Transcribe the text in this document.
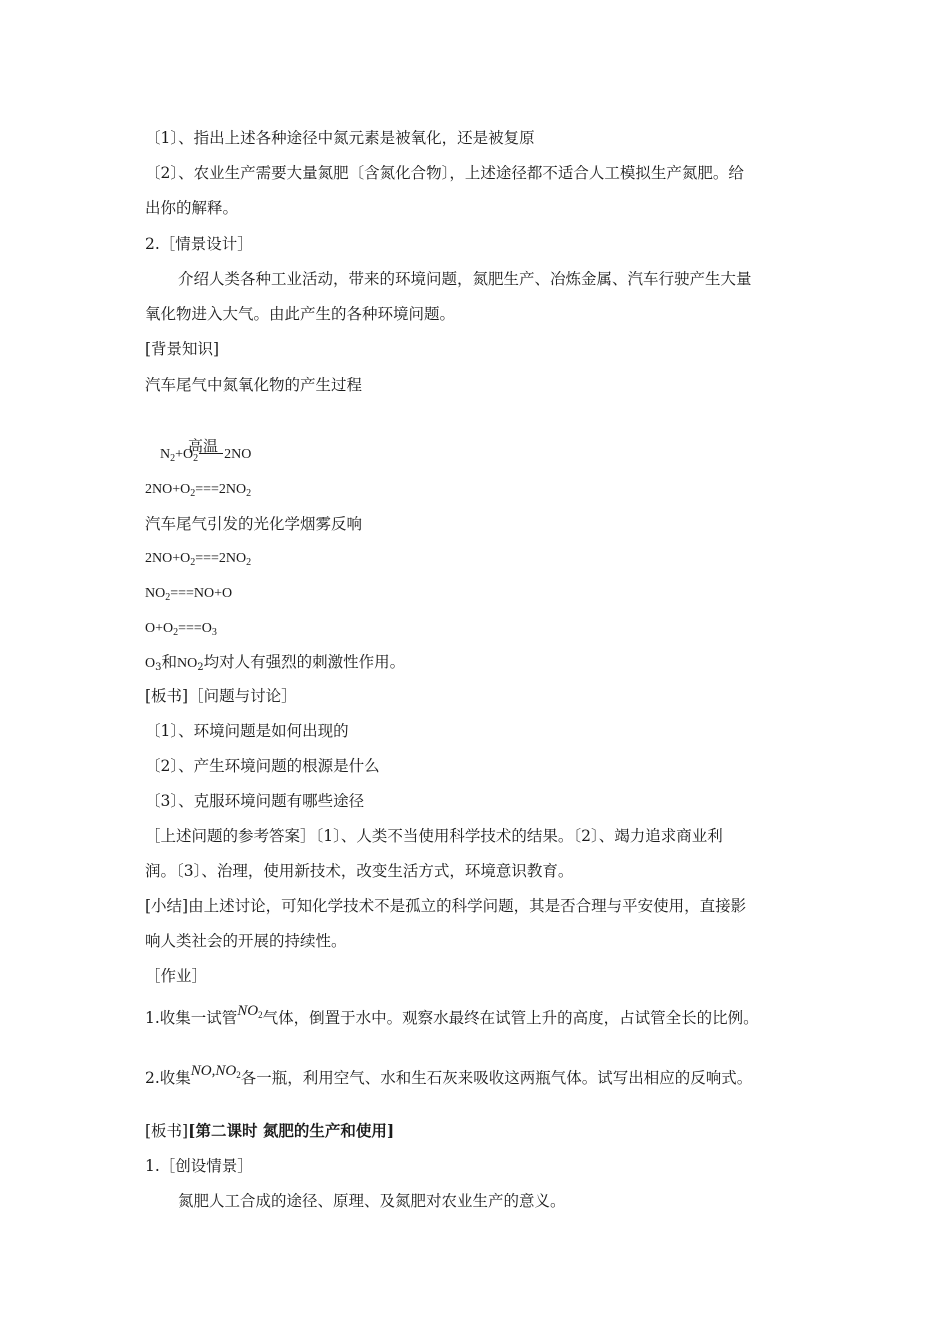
〔1〕、指出上述各种途径中氮元素是被氧化，还是被复原
〔2〕、农业生产需要大量氮肥〔含氮化合物〕，上述途径都不适合人工模拟生产氮肥。给
出你的解释。
2.［情景设计］
介绍人类各种工业活动，带来的环境问题，氮肥生产、冶炼金属、汽车行驶产生大量
氧化物进入大气。由此产生的各种环境问题。
[背景知识]
汽车尾气中氮氧化物的产生过程
高温
$N_2+O_2$ 2NO
$2NO+O_2===2NO_2$
汽车尾气引发的光化学烟雾反响
$2NO+O_2===2NO_2$
$NO_2===NO+O$
$O+O_2===O_3$
$O_3$和$NO_2$均对人有强烈的刺激性作用。
[板书]［问题与讨论］
〔1〕、环境问题是如何出现的
〔2〕、产生环境问题的根源是什么
〔3〕、克服环境问题有哪些途径
［上述问题的参考答案］〔1〕、人类不当使用科学技术的结果。〔2〕、竭力追求商业利
润。〔3〕、治理，使用新技术，改变生活方式，环境意识教育。
[小结]由上述讨论，可知化学技术不是孤立的科学问题，其是否合理与平安使用，直接影
响人类社会的开展的持续性。
［作业］
1.收集一试管$NO_2$气体，倒置于水中。观察水最终在试管上升的高度，占试管全长的比例。
2.收集$NO,NO_2$各一瓶，利用空气、水和生石灰来吸收这两瓶气体。试写出相应的反响式。
[板书][第二课时 氮肥的生产和使用]
1.［创设情景］
氮肥人工合成的途径、原理、及氮肥对农业生产的意义。
